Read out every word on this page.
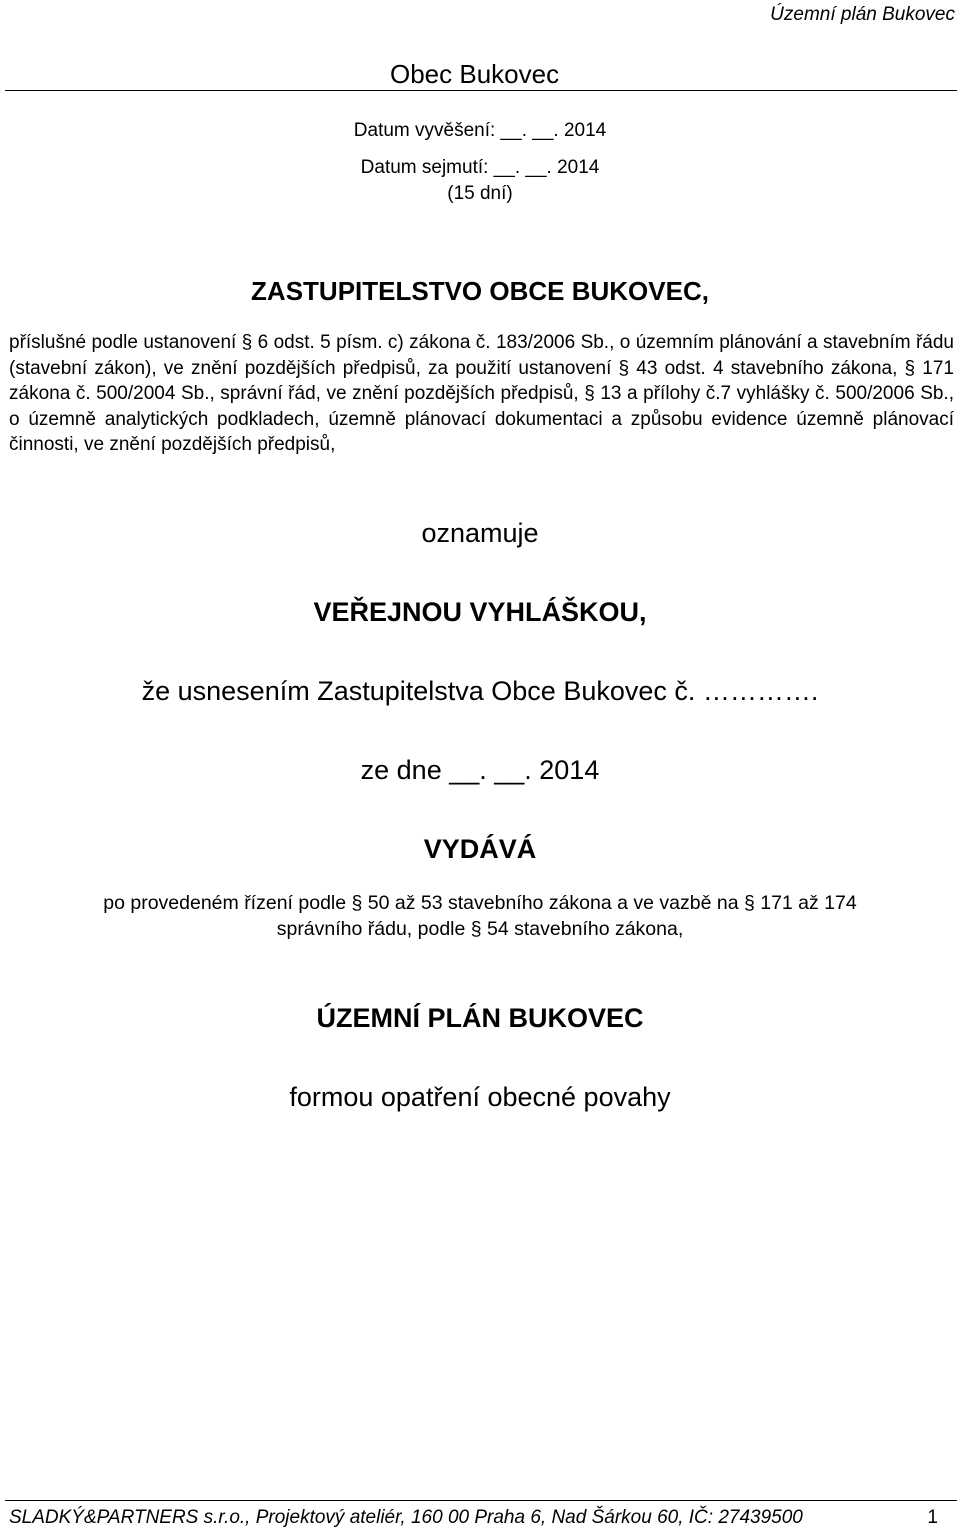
Územní plán Bukovec
Obec Bukovec
Datum vyvěšení: __. __. 2014
Datum sejmutí: __. __. 2014
(15 dní)
ZASTUPITELSTVO OBCE BUKOVEC,
příslušné podle ustanovení § 6 odst. 5 písm. c) zákona č. 183/2006 Sb., o územním plánování a stavebním řádu (stavební zákon), ve znění pozdějších předpisů, za použití ustanovení § 43 odst. 4 stavebního zákona, § 171 zákona č. 500/2004 Sb., správní řád, ve znění pozdějších předpisů, § 13 a přílohy č.7 vyhlášky č. 500/2006 Sb., o územně analytických podkladech, územně plánovací dokumentaci a způsobu evidence územně plánovací činnosti, ve znění pozdějších předpisů,
oznamuje
VEŘEJNOU VYHLÁŠKOU,
že usnesením Zastupitelstva Obce Bukovec č. ………….
ze dne __. __. 2014
VYDÁVÁ
po provedeném řízení podle § 50 až 53 stavebního zákona a ve vazbě na § 171 až 174
správního řádu, podle § 54 stavebního zákona,
ÚZEMNÍ PLÁN BUKOVEC
formou opatření obecné povahy
SLADKÝ&PARTNERS s.r.o., Projektový ateliér, 160 00 Praha 6, Nad Šárkou 60, IČ: 27439500	1
